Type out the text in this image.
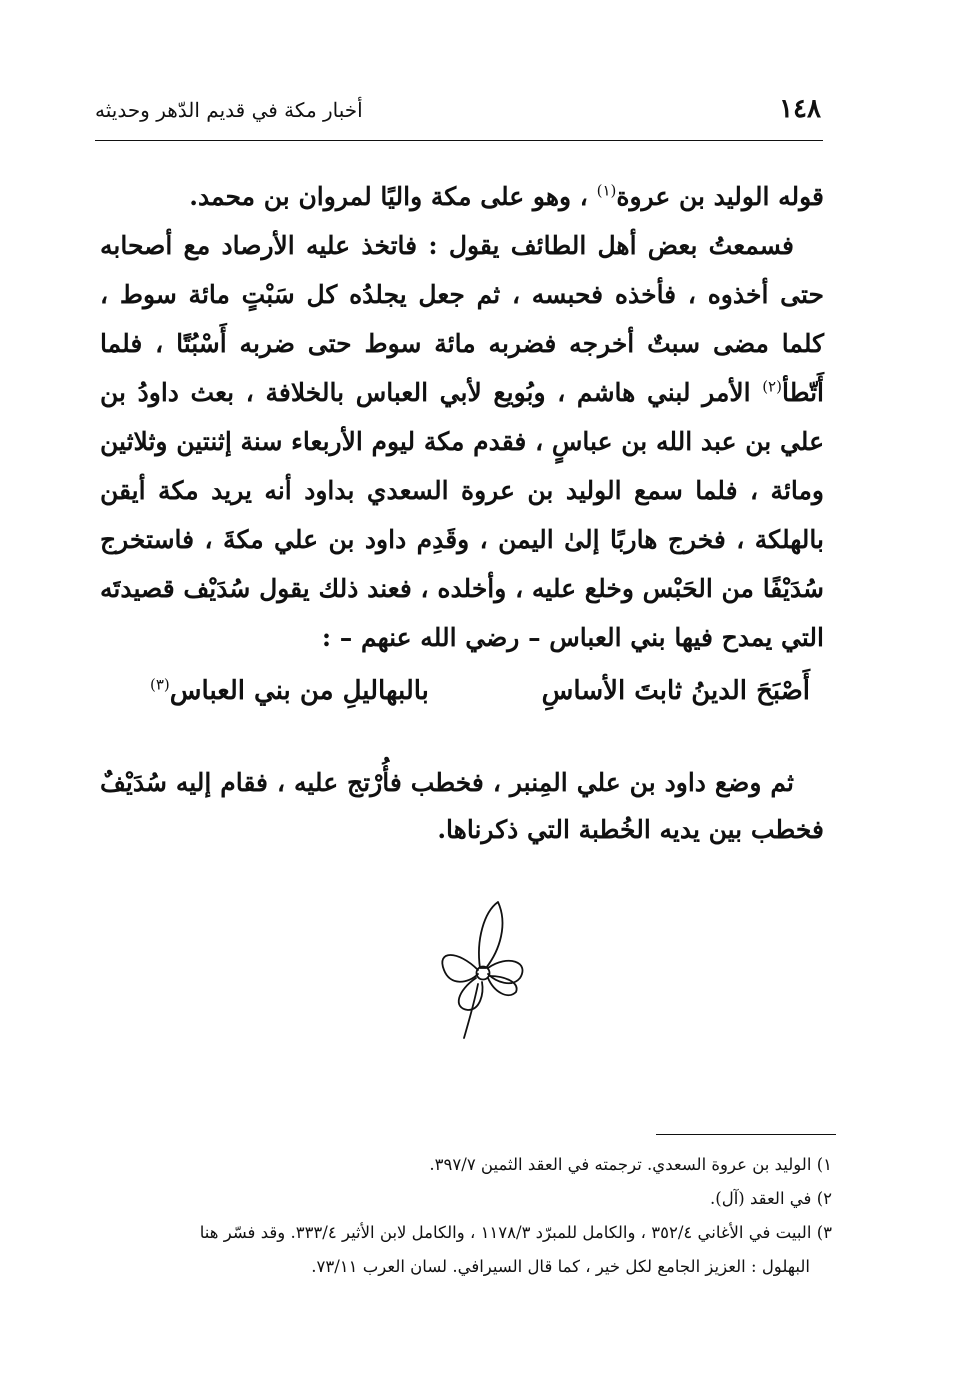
١٤٨
أخبار مكة في قديم الدّهر وحديثه

قوله الوليد بن عروة$^{(١)}$ ، وهو على مكة واليًا لمروان بن محمد.

فسمعتُ بعض أهل الطائف يقول : فاتخذ عليه الأرصاد مع أصحابه حتى أخذوه ، فأخذه فحبسه ، ثم جعل يجلدُه كل سَبْتٍ مائة سوط ، كلما مضى سبتٌ أخرجه فضربه مائة سوط حتى ضربه أَسْبُتًا ، فلما أَتّطأ$^{(٢)}$ الأمر لبني هاشم ، وبُويع لأبي العباس بالخلافة ، بعث داودُ بن علي بن عبد الله بن عباسٍ ، فقدم مكة ليوم الأربعاء سنة إثنتين وثلاثين ومائة ، فلما سمع الوليد بن عروة السعدي بداود أنه يريد مكة أيقن بالهلكة ، فخرج هاربًا إلىٰ اليمن ، وقَدِم داود بن علي مكةَ ، فاستخرج سُدَيْفًا من الحَبْس وخلع عليه ، وأخلده ، فعند ذلك يقول سُدَيْف قصيدتَه التي يمدح فيها بني العباس – رضي الله عنهم – :

أَصْبَحَ الدينُ ثابتَ الأساسِ
بالبهاليلِ من بني العباس$^{(٣)}$

ثم وضع داود بن علي المِنبر ، فخطب فأُرْتج عليه ، فقام إليه سُدَيْفٌ فخطب بين يديه الخُطبة التي ذكرناها.

١) الوليد بن عروة السعدي. ترجمته في العقد الثمين ٣٩٧/٧.

٢) في العقد (آل).

٣) البيت في الأغاني ٣٥٢/٤ ، والكامل للمبرّد ١١٧٨/٣ ، والكامل لابن الأثير ٣٣٣/٤. وقد فسّر هنا

البهلول : العزيز الجامع لكل خير ، كما قال السيرافي. لسان العرب ٧٣/١١.
